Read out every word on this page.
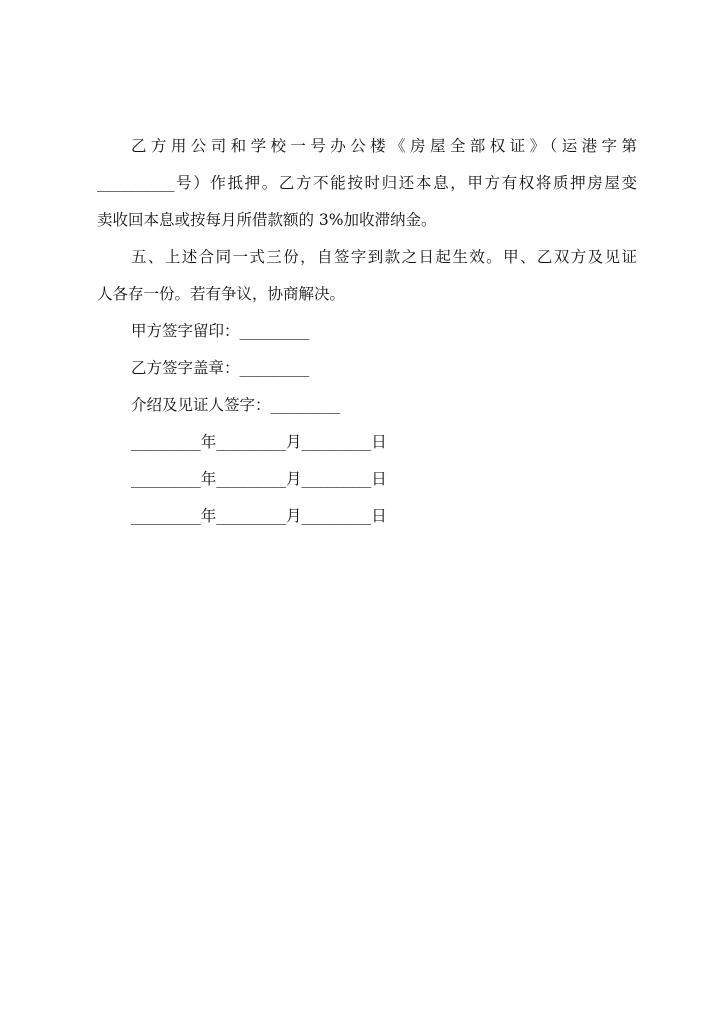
乙方用公司和学校一号办公楼《房屋全部权证》（运港字第
__________号）作抵押。乙方不能按时归还本息，甲方有权将质押房屋变
卖收回本息或按每月所借款额的 3%加收滞纳金。
五、上述合同一式三份，自签字到款之日起生效。甲、乙双方及见证
人各存一份。若有争议，协商解决。
甲方签字留印：_________
乙方签字盖章：_________
介绍及见证人签字：_________
_________年_________月_________日
_________年_________月_________日
_________年_________月_________日
